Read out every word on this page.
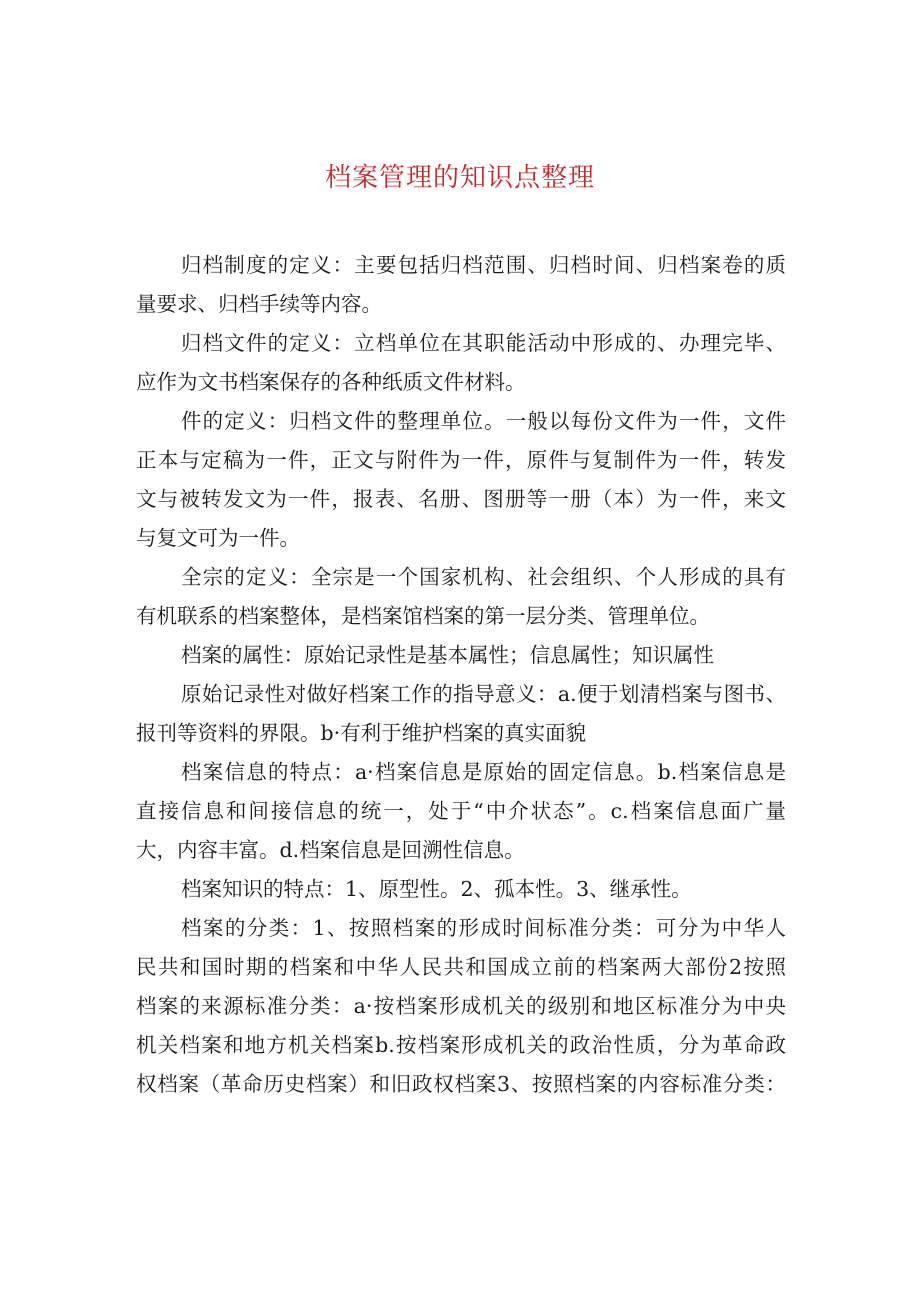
档案管理的知识点整理
归档制度的定义：主要包括归档范围、归档时间、归档案卷的质
量要求、归档手续等内容。
归档文件的定义：立档单位在其职能活动中形成的、办理完毕、
应作为文书档案保存的各种纸质文件材料。
件的定义：归档文件的整理单位。一般以每份文件为一件，文件
正本与定稿为一件，正文与附件为一件，原件与复制件为一件，转发
文与被转发文为一件，报表、名册、图册等一册（本）为一件，来文
与复文可为一件。
全宗的定义：全宗是一个国家机构、社会组织、个人形成的具有
有机联系的档案整体，是档案馆档案的第一层分类、管理单位。
档案的属性：原始记录性是基本属性；信息属性；知识属性
原始记录性对做好档案工作的指导意义：a.便于划清档案与图书、
报刊等资料的界限。b·有利于维护档案的真实面貌
档案信息的特点：a·档案信息是原始的固定信息。b.档案信息是
直接信息和间接信息的统一，处于“中介状态”。c.档案信息面广量
大，内容丰富。d.档案信息是回溯性信息。
档案知识的特点：1、原型性。2、孤本性。3、继承性。
档案的分类：1、按照档案的形成时间标准分类：可分为中华人
民共和国时期的档案和中华人民共和国成立前的档案两大部份2按照
档案的来源标准分类：a·按档案形成机关的级别和地区标准分为中央
机关档案和地方机关档案b.按档案形成机关的政治性质，分为革命政
权档案（革命历史档案）和旧政权档案3、按照档案的内容标准分类：
